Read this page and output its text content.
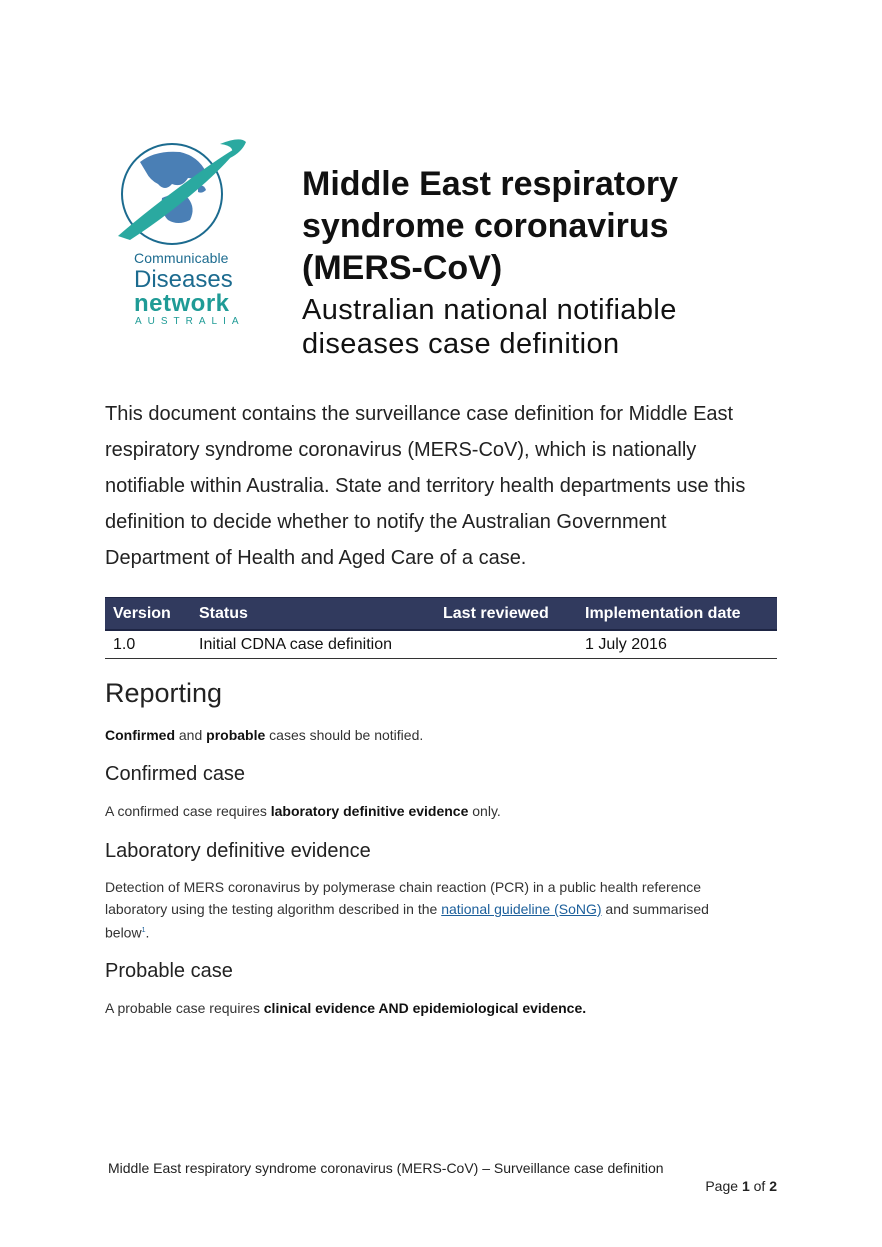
Communicable
Diseases
network
AUSTRALIA
Middle East respiratory
syndrome coronavirus
(MERS-CoV)
Australian national notifiable
diseases case definition
This document contains the surveillance case definition for Middle East
respiratory syndrome coronavirus (MERS-CoV), which is nationally
notifiable within Australia. State and territory health departments use this
definition to decide whether to notify the Australian Government
Department of Health and Aged Care of a case.
Version	Status	Last reviewed	Implementation date
1.0	Initial CDNA case definition		1 July 2016
Reporting
Confirmed and probable cases should be notified.
Confirmed case
A confirmed case requires laboratory definitive evidence only.
Laboratory definitive evidence
Detection of MERS coronavirus by polymerase chain reaction (PCR) in a public health reference
laboratory using the testing algorithm described in the national guideline (SoNG) and summarised
below$^1$.
Probable case
A probable case requires clinical evidence AND epidemiological evidence.
Middle East respiratory syndrome coronavirus (MERS-CoV) – Surveillance case definition
Page 1 of 2
